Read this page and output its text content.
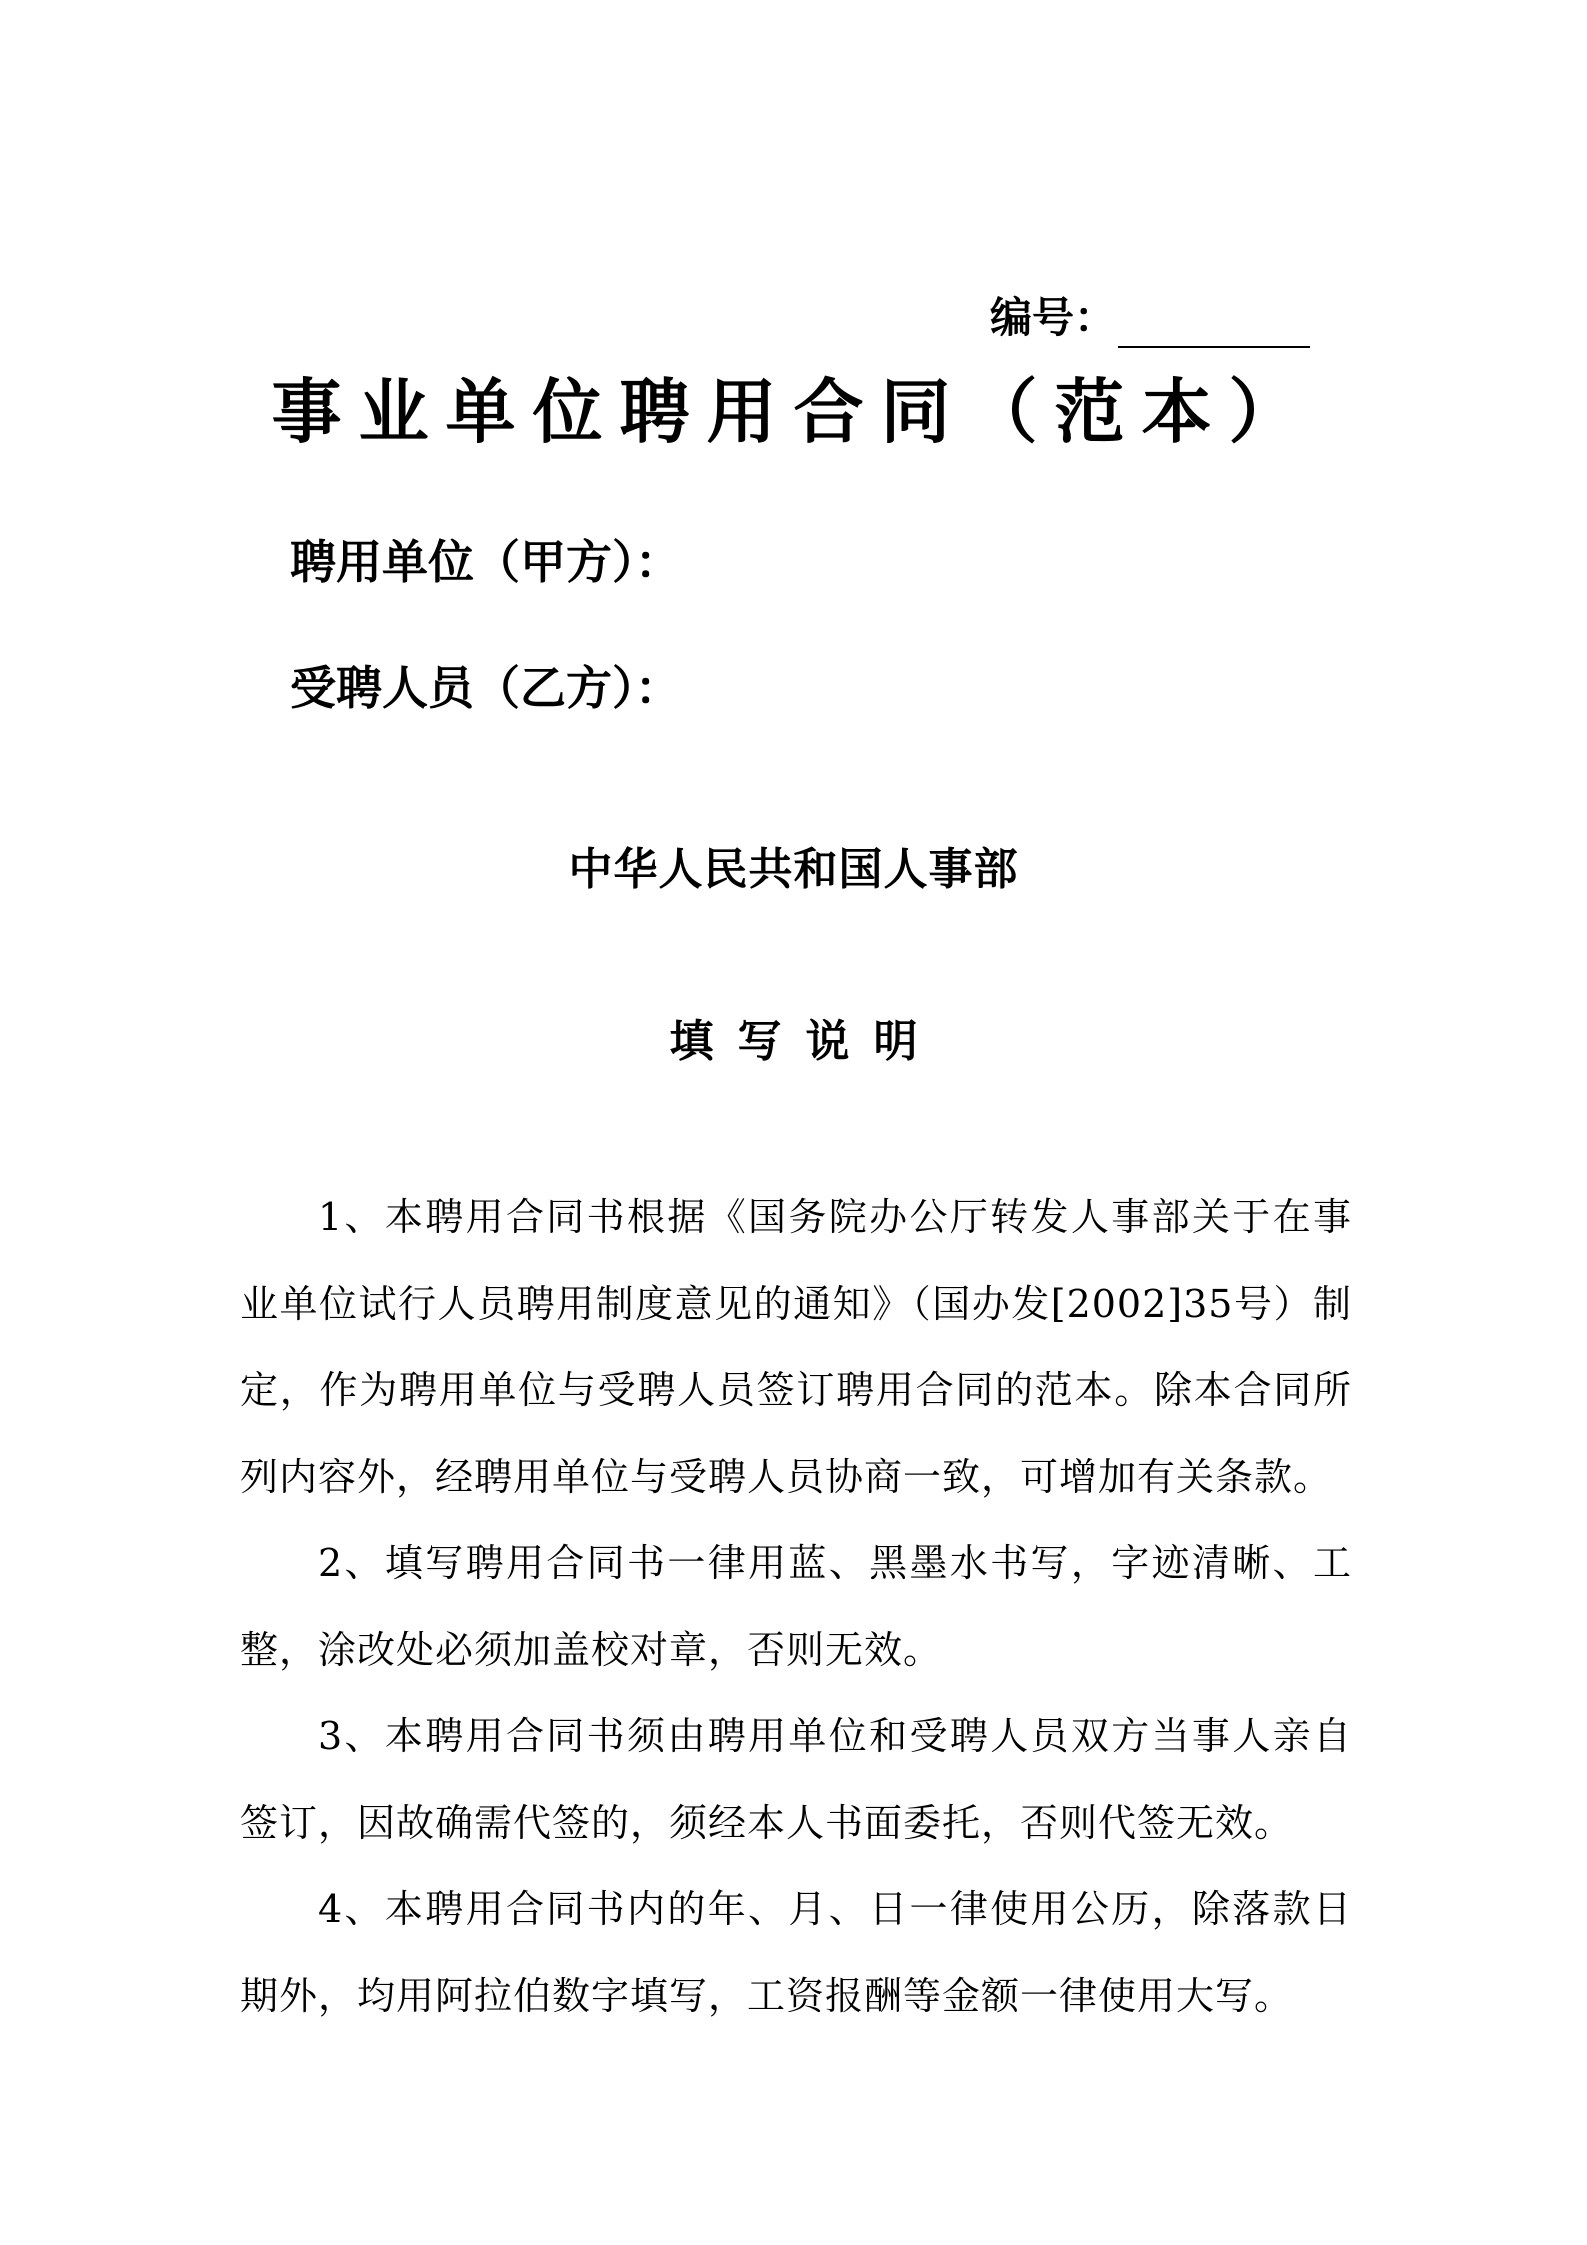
编号：
事业单位聘用合同（范本）
聘用单位（甲方）：
受聘人员（乙方）：
中华人民共和国人事部
填写说明

1、本聘用合同书根据《国务院办公厅转发人事部关于在事业单位试行人员聘用制度意见的通知》（国办发[2002]35号）制定，作为聘用单位与受聘人员签订聘用合同的范本。除本合同所列内容外，经聘用单位与受聘人员协商一致，可增加有关条款。

2、填写聘用合同书一律用蓝、黑墨水书写，字迹清晰、工整，涂改处必须加盖校对章，否则无效。

3、本聘用合同书须由聘用单位和受聘人员双方当事人亲自签订，因故确需代签的，须经本人书面委托，否则代签无效。

4、本聘用合同书内的年、月、日一律使用公历，除落款日期外，均用阿拉伯数字填写，工资报酬等金额一律使用大写。
